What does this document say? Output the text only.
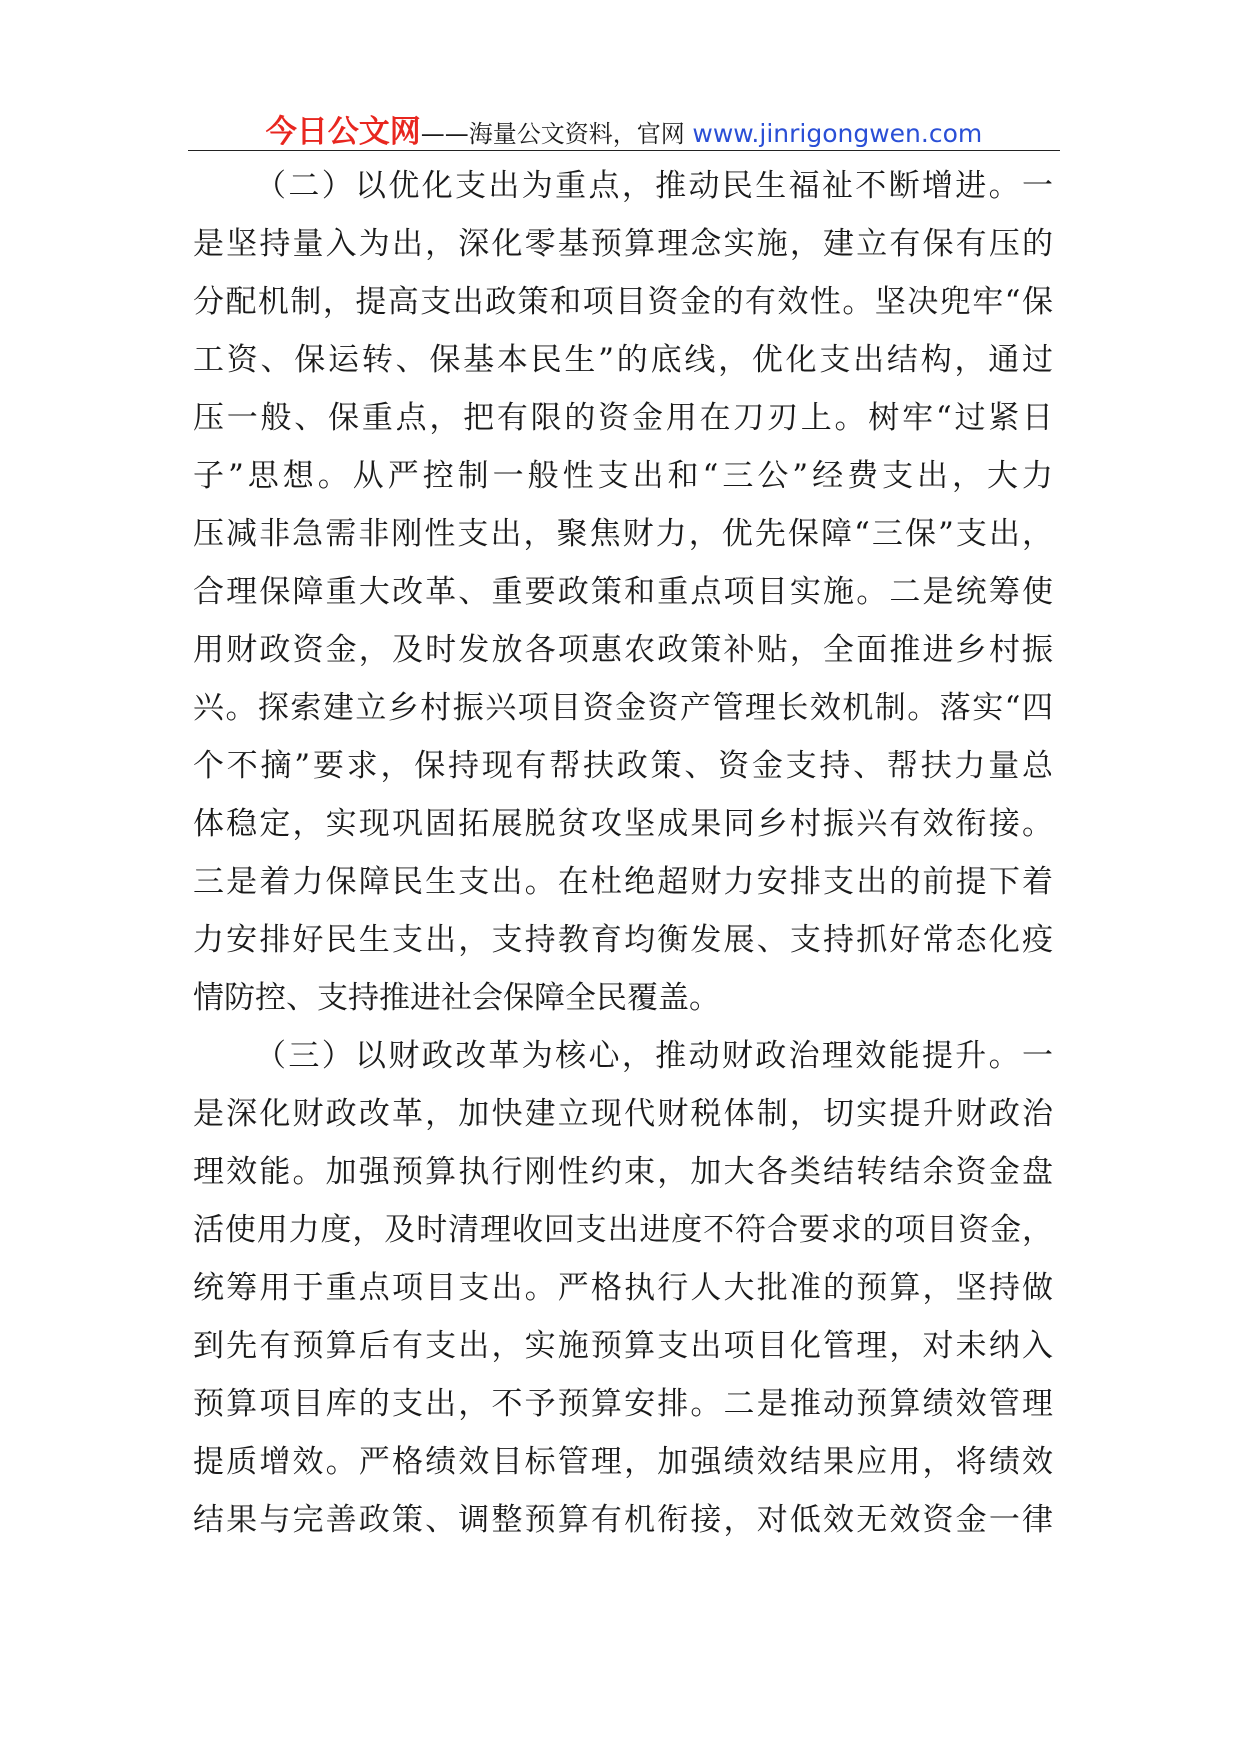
今日公文网——海量公文资料，官网 www.jinrigongwen.com
（二）以优化支出为重点，推动民生福祉不断增进。一
是坚持量入为出，深化零基预算理念实施，建立有保有压的
分配机制，提高支出政策和项目资金的有效性。坚决兜牢“保
工资、保运转、保基本民生”的底线，优化支出结构，通过
压一般、保重点，把有限的资金用在刀刃上。树牢“过紧日
子”思想。从严控制一般性支出和“三公”经费支出，大力
压减非急需非刚性支出，聚焦财力，优先保障“三保”支出，
合理保障重大改革、重要政策和重点项目实施。二是统筹使
用财政资金，及时发放各项惠农政策补贴，全面推进乡村振
兴。探索建立乡村振兴项目资金资产管理长效机制。落实“四
个不摘”要求，保持现有帮扶政策、资金支持、帮扶力量总
体稳定，实现巩固拓展脱贫攻坚成果同乡村振兴有效衔接。
三是着力保障民生支出。在杜绝超财力安排支出的前提下着
力安排好民生支出，支持教育均衡发展、支持抓好常态化疫
情防控、支持推进社会保障全民覆盖。
（三）以财政改革为核心，推动财政治理效能提升。一
是深化财政改革，加快建立现代财税体制，切实提升财政治
理效能。加强预算执行刚性约束，加大各类结转结余资金盘
活使用力度，及时清理收回支出进度不符合要求的项目资金，
统筹用于重点项目支出。严格执行人大批准的预算，坚持做
到先有预算后有支出，实施预算支出项目化管理，对未纳入
预算项目库的支出，不予预算安排。二是推动预算绩效管理
提质增效。严格绩效目标管理，加强绩效结果应用，将绩效
结果与完善政策、调整预算有机衔接，对低效无效资金一律
